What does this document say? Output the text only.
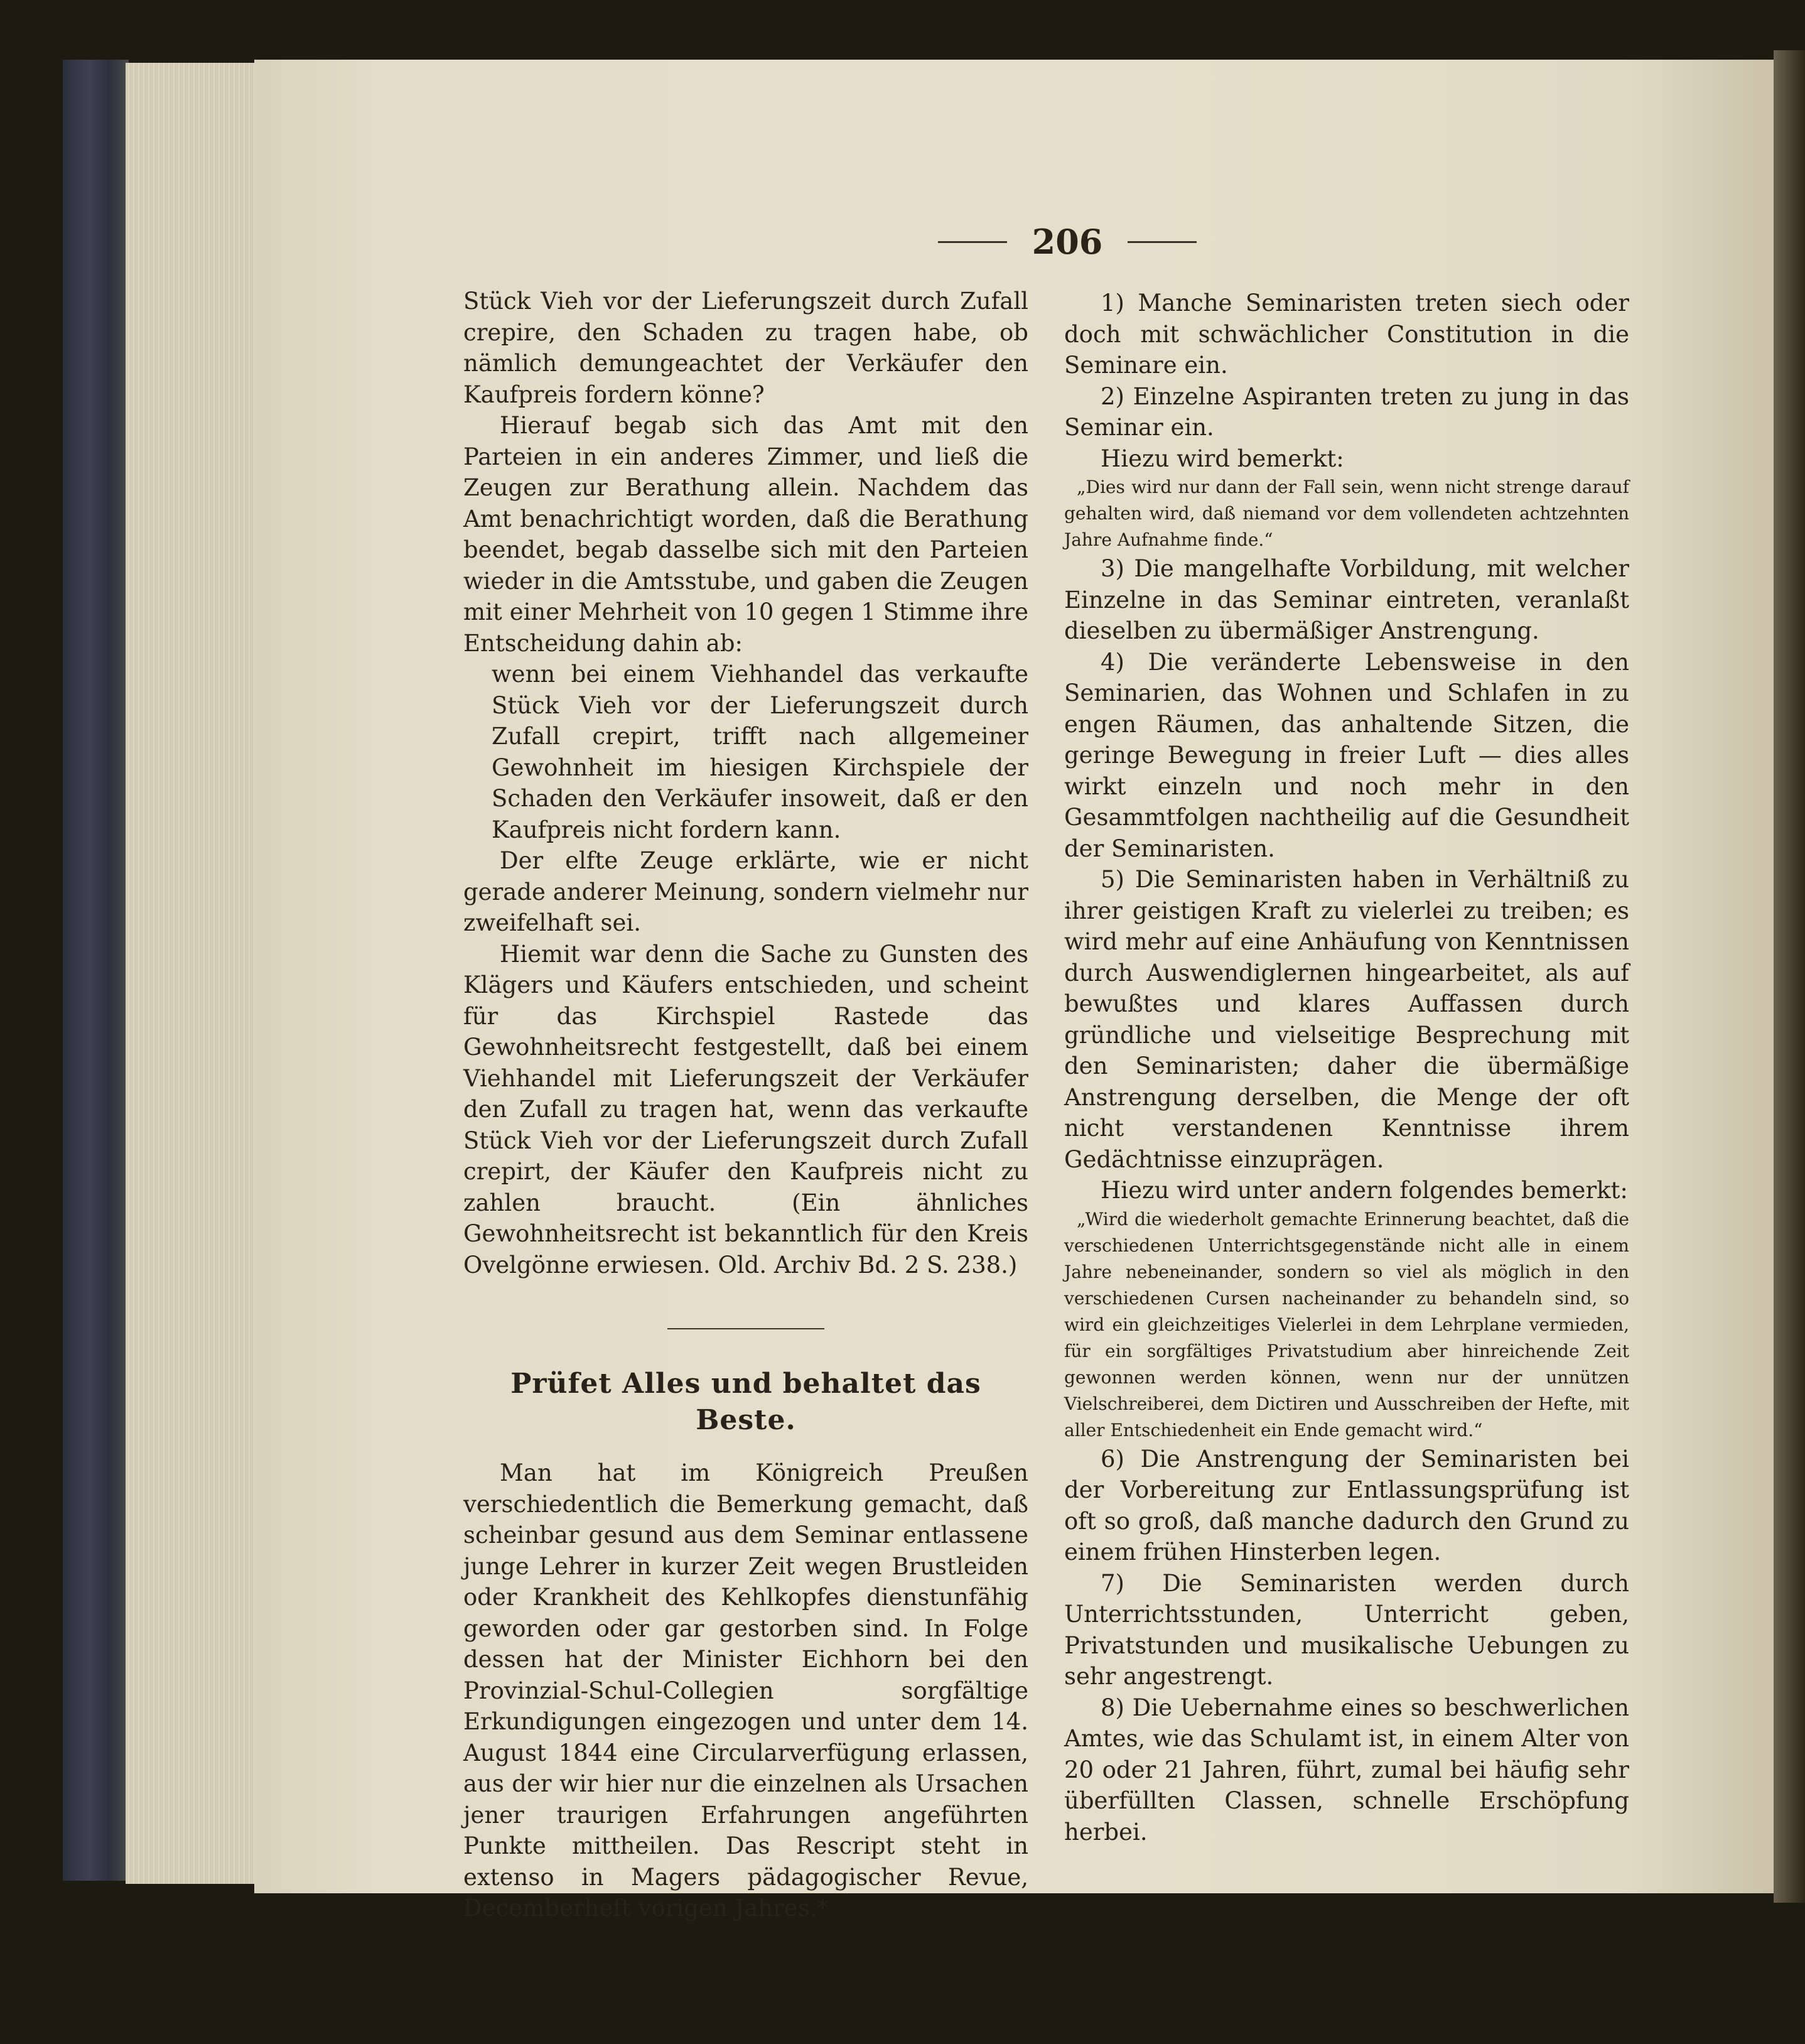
206

Stück Vieh vor der Lieferungszeit durch Zufall crepire, den Schaden zu tragen habe, ob nämlich demungeachtet der Verkäufer den Kaufpreis fordern könne?

Hierauf begab sich das Amt mit den Parteien in ein anderes Zimmer, und ließ die Zeugen zur Berathung allein. Nachdem das Amt benachrichtigt worden, daß die Berathung beendet, begab dasselbe sich mit den Parteien wieder in die Amtsstube, und gaben die Zeugen mit einer Mehrheit von 10 gegen 1 Stimme ihre Entscheidung dahin ab:

wenn bei einem Viehhandel das verkaufte Stück Vieh vor der Lieferungszeit durch Zufall crepirt, trifft nach allgemeiner Gewohnheit im hiesigen Kirchspiele der Schaden den Verkäufer insoweit, daß er den Kaufpreis nicht fordern kann.

Der elfte Zeuge erklärte, wie er nicht gerade anderer Meinung, sondern vielmehr nur zweifelhaft sei.

Hiemit war denn die Sache zu Gunsten des Klägers und Käufers entschieden, und scheint für das Kirchspiel Rastede das Gewohnheitsrecht festgestellt, daß bei einem Viehhandel mit Lieferungszeit der Verkäufer den Zufall zu tragen hat, wenn das verkaufte Stück Vieh vor der Lieferungszeit durch Zufall crepirt, der Käufer den Kaufpreis nicht zu zahlen braucht. (Ein ähnliches Gewohnheitsrecht ist bekanntlich für den Kreis Ovelgönne erwiesen. Old. Archiv Bd. 2 S. 238.)

Prüfet Alles und behaltet das Beste.

Man hat im Königreich Preußen verschiedentlich die Bemerkung gemacht, daß scheinbar gesund aus dem Seminar entlassene junge Lehrer in kurzer Zeit wegen Brustleiden oder Krankheit des Kehlkopfes dienstunfähig geworden oder gar gestorben sind. In Folge dessen hat der Minister Eichhorn bei den Provinzial-Schul-Collegien sorgfältige Erkundigungen eingezogen und unter dem 14. August 1844 eine Circularverfügung erlassen, aus der wir hier nur die einzelnen als Ursachen jener traurigen Erfahrungen angeführten Punkte mittheilen. Das Rescript steht in extenso in Magers pädagogischer Revue, Decemberheft vorigen Jahres.*

1) Manche Seminaristen treten siech oder doch mit schwächlicher Constitution in die Seminare ein.

2) Einzelne Aspiranten treten zu jung in das Seminar ein.

Hiezu wird bemerkt:

„Dies wird nur dann der Fall sein, wenn nicht strenge darauf gehalten wird, daß niemand vor dem vollendeten achtzehnten Jahre Aufnahme finde.“

3) Die mangelhafte Vorbildung, mit welcher Einzelne in das Seminar eintreten, veranlaßt dieselben zu übermäßiger Anstrengung.

4) Die veränderte Lebensweise in den Seminarien, das Wohnen und Schlafen in zu engen Räumen, das anhaltende Sitzen, die geringe Bewegung in freier Luft — dies alles wirkt einzeln und noch mehr in den Gesammtfolgen nachtheilig auf die Gesundheit der Seminaristen.

5) Die Seminaristen haben in Verhältniß zu ihrer geistigen Kraft zu vielerlei zu treiben; es wird mehr auf eine Anhäufung von Kenntnissen durch Auswendiglernen hingearbeitet, als auf bewußtes und klares Auffassen durch gründliche und vielseitige Besprechung mit den Seminaristen; daher die übermäßige Anstrengung derselben, die Menge der oft nicht verstandenen Kenntnisse ihrem Gedächtnisse einzuprägen.

Hiezu wird unter andern folgendes bemerkt:

„Wird die wiederholt gemachte Erinnerung beachtet, daß die verschiedenen Unterrichtsgegenstände nicht alle in einem Jahre nebeneinander, sondern so viel als möglich in den verschiedenen Cursen nacheinander zu behandeln sind, so wird ein gleichzeitiges Vielerlei in dem Lehrplane vermieden, für ein sorgfältiges Privatstudium aber hinreichende Zeit gewonnen werden können, wenn nur der unnützen Vielschreiberei, dem Dictiren und Ausschreiben der Hefte, mit aller Entschiedenheit ein Ende gemacht wird.“

6) Die Anstrengung der Seminaristen bei der Vorbereitung zur Entlassungsprüfung ist oft so groß, daß manche dadurch den Grund zu einem frühen Hinsterben legen.

7) Die Seminaristen werden durch Unterrichtsstunden, Unterricht geben, Privatstunden und musikalische Uebungen zu sehr angestrengt.

8) Die Uebernahme eines so beschwerlichen Amtes, wie das Schulamt ist, in einem Alter von 20 oder 21 Jahren, führt, zumal bei häufig sehr überfüllten Classen, schnelle Erschöpfung herbei.
